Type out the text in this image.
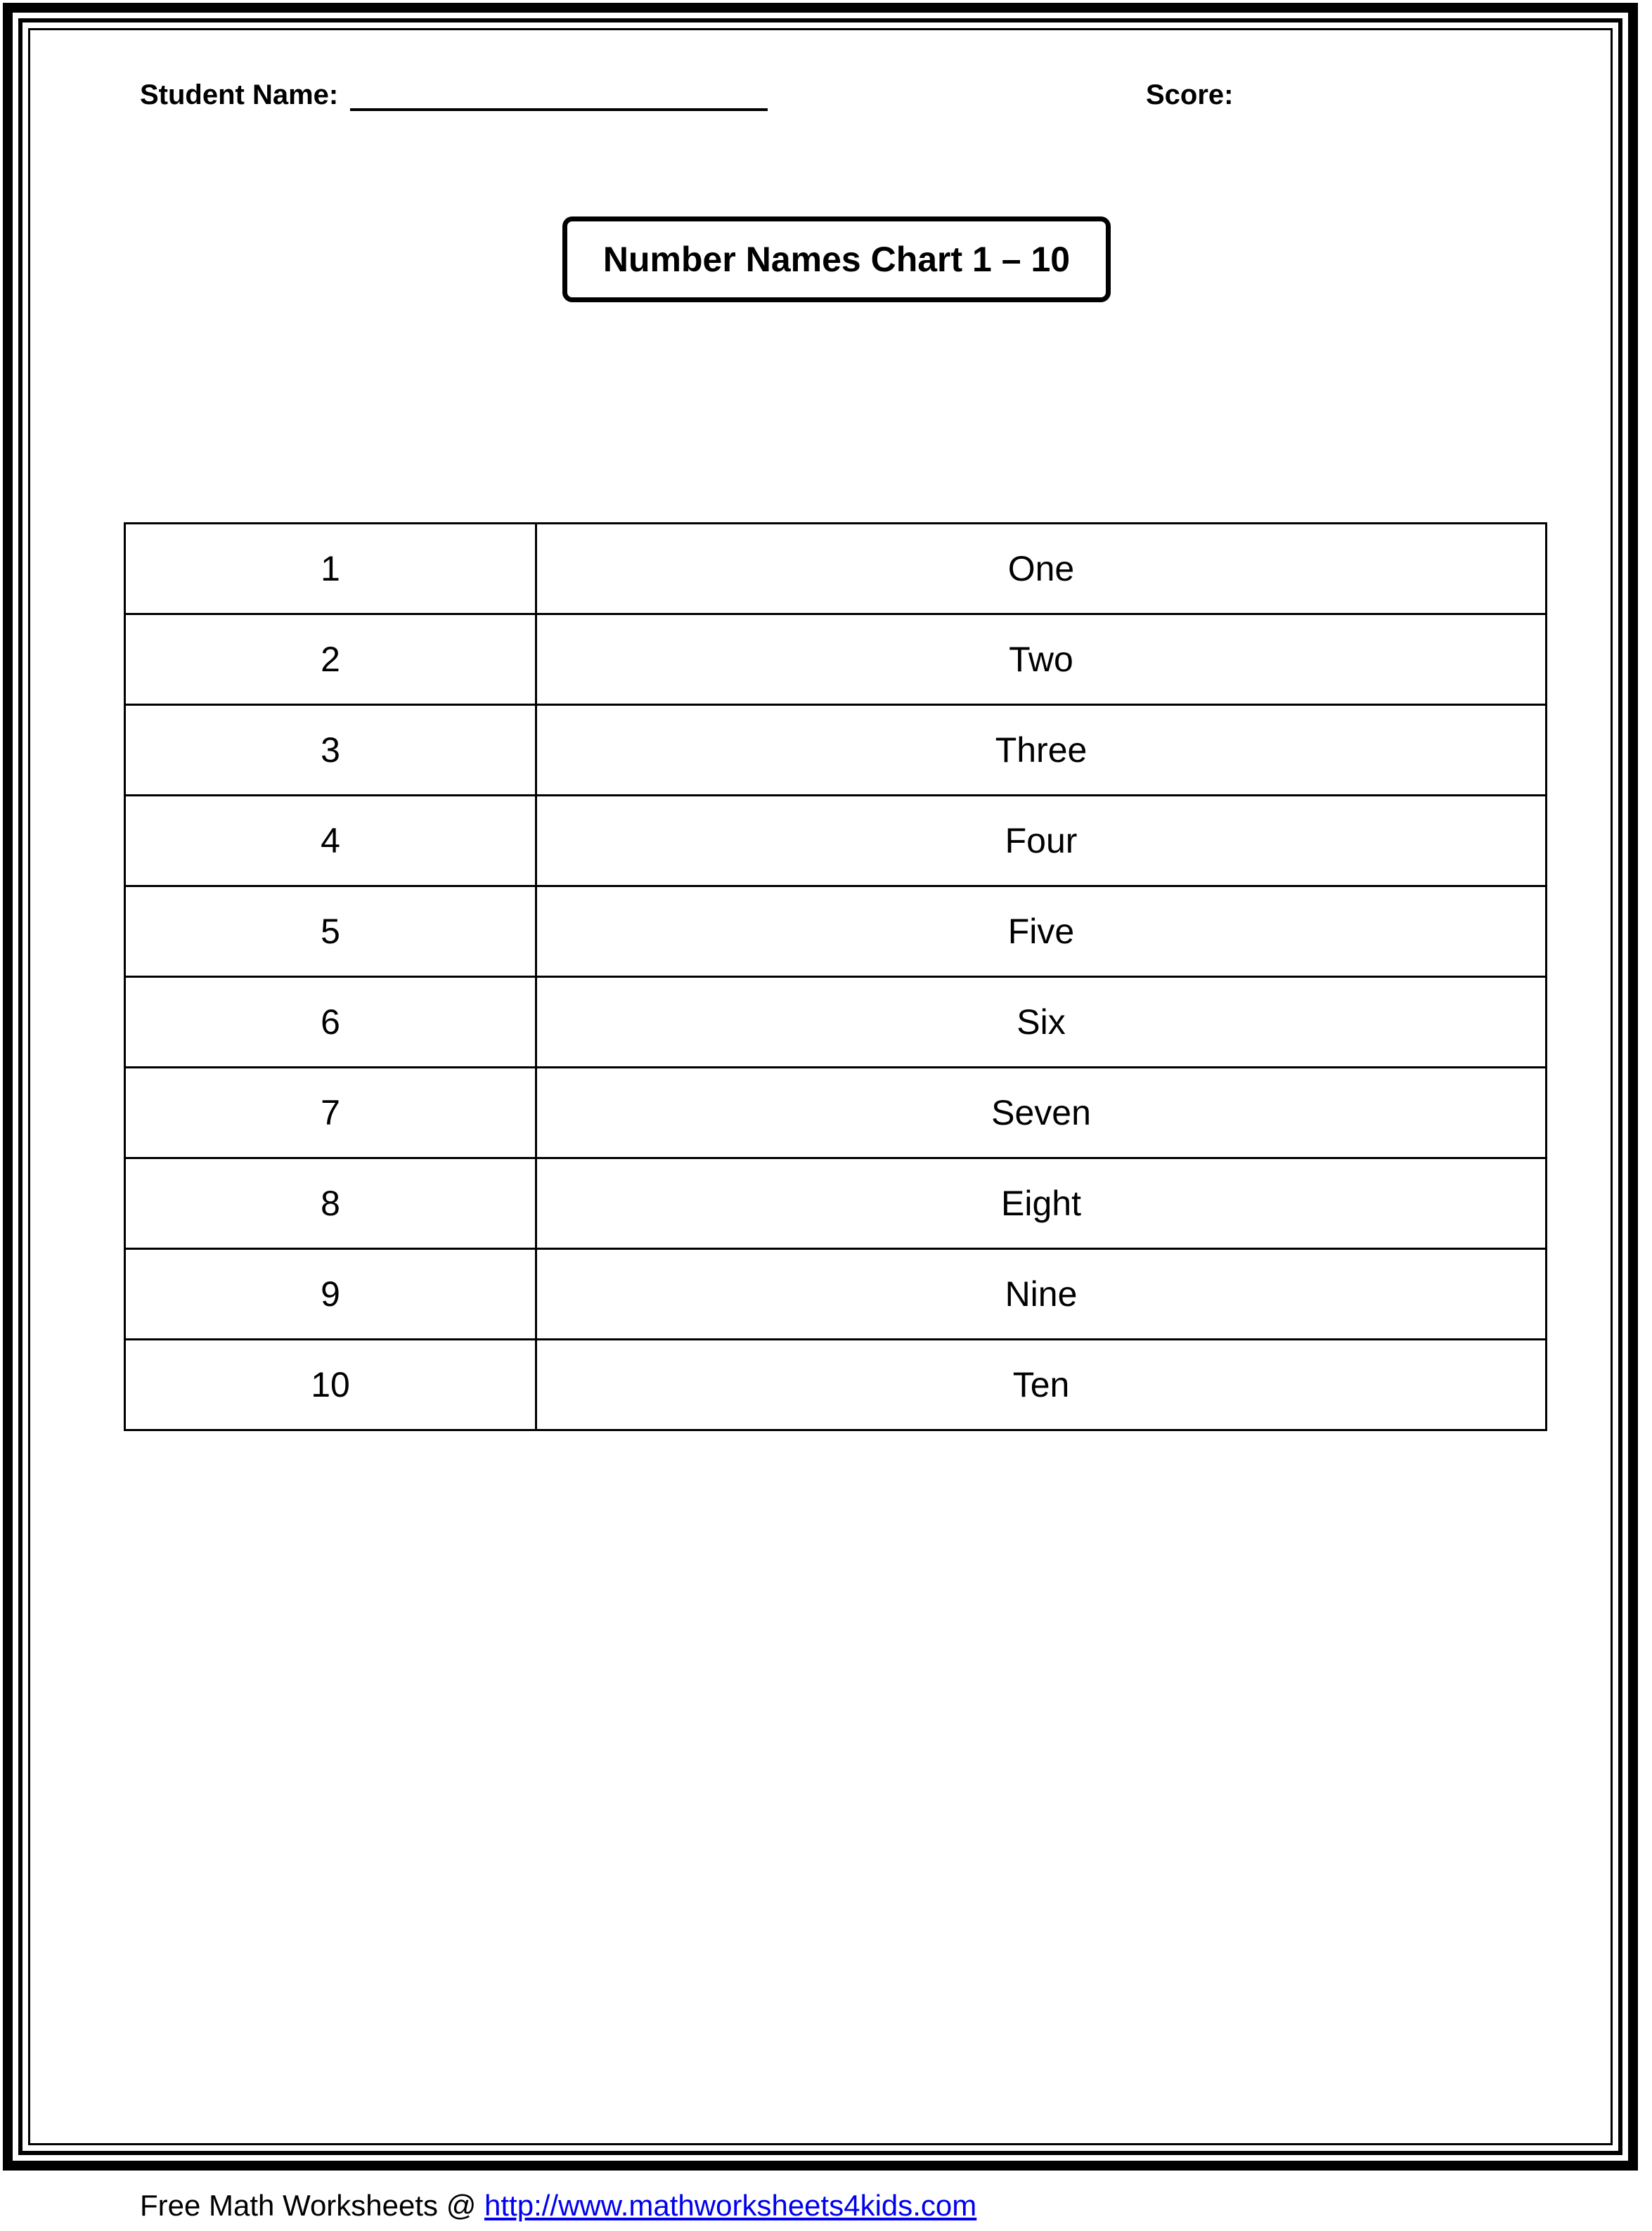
Student Name:	Score:
Number Names Chart 1 – 10
1	One
2	Two
3	Three
4	Four
5	Five
6	Six
7	Seven
8	Eight
9	Nine
10	Ten
Free Math Worksheets @ http://www.mathworksheets4kids.com
